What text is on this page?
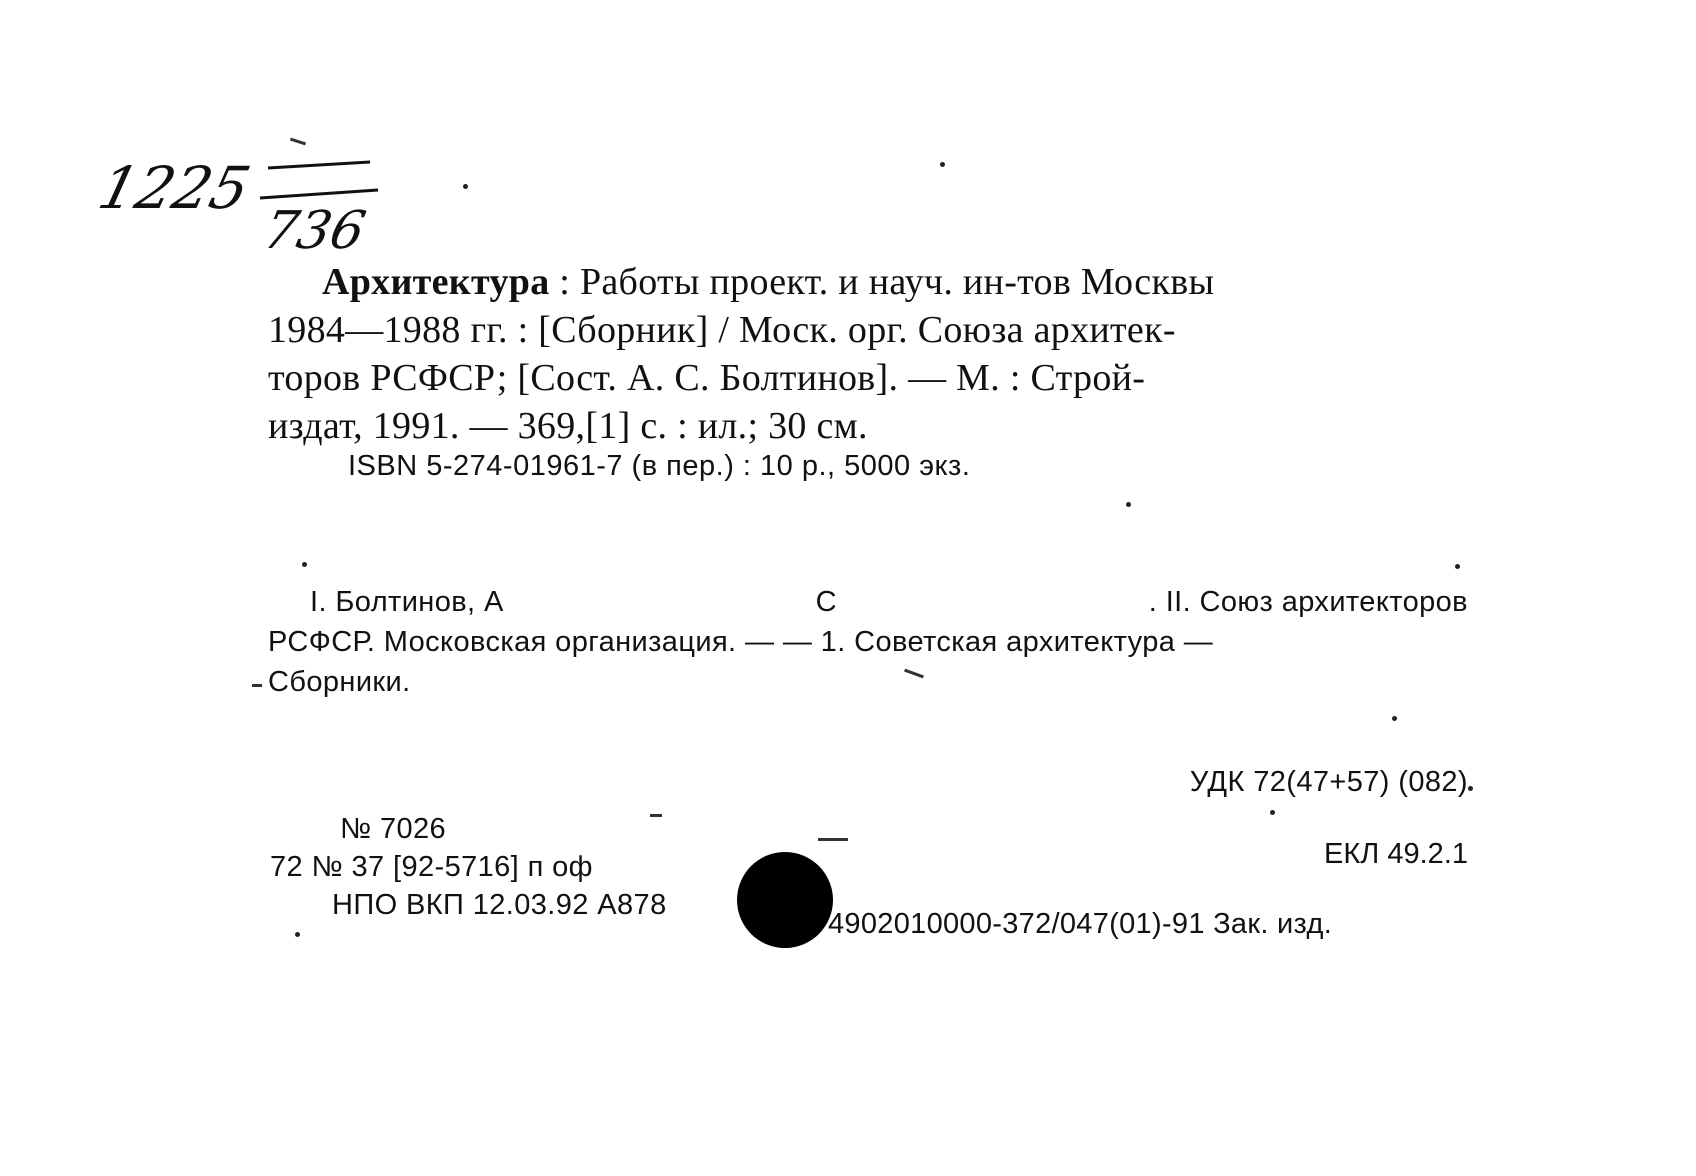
1225
736

Архитектура : Работы проект. и науч. ин-тов Москвы

1984—1988 гг. : [Сборник] / Моск. орг. Союза архитек-
торов РСФСР; [Сост. А. С. Болтинов]. — М. : Строй-
издат, 1991. — 369,[1] с. : ил.; 30 см.
ISBN 5-274-01961-7 (в пер.) : 10 р., 5000 экз.
I. Болтинов, А	С	. II. Союз архитекторов
РСФСР. Московская организация. — — 1. Советская архитектура —
Сборники.
УДК 72(47+57) (082)
ЕКЛ 49.2.1
№ 7026
72 № 37 [92-5716] п оф
НПО ВКП 12.03.92 А878
4902010000-372/047(01)-91 Зак. изд.
